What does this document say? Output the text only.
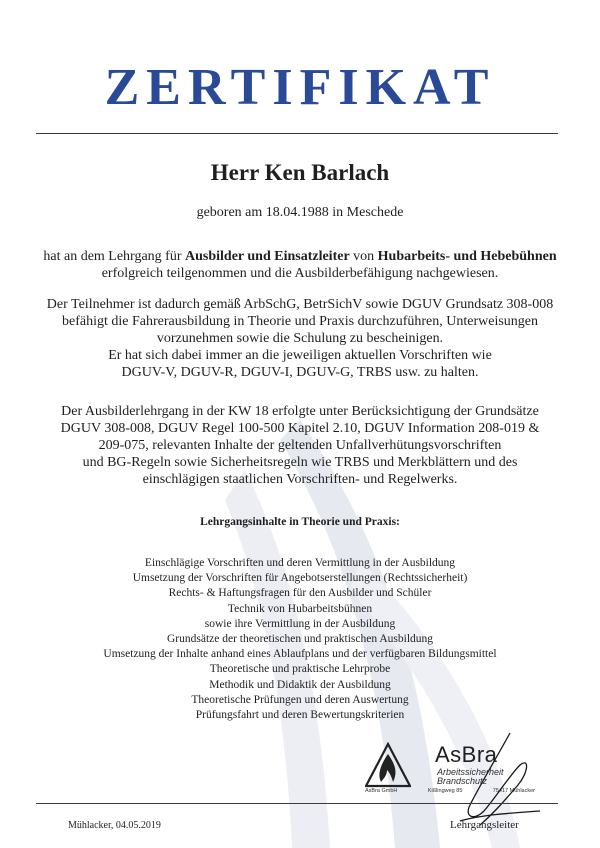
ZERTIFIKAT
Herr Ken Barlach
geboren am 18.04.1988 in Meschede
hat an dem Lehrgang für Ausbilder und Einsatzleiter von Hubarbeits- und Hebebühnen
erfolgreich teilgenommen und die Ausbilderbefähigung nachgewiesen.
Der Teilnehmer ist dadurch gemäß ArbSchG, BetrSichV sowie DGUV Grundsatz 308-008
befähigt die Fahrerausbildung in Theorie und Praxis durchzuführen, Unterweisungen
vorzunehmen sowie die Schulung zu bescheinigen.
Er hat sich dabei immer an die jeweiligen aktuellen Vorschriften wie
DGUV-V, DGUV-R, DGUV-I, DGUV-G, TRBS usw. zu halten.
Der Ausbilderlehrgang in der KW 18 erfolgte unter Berücksichtigung der Grundsätze
DGUV 308-008, DGUV Regel 100-500 Kapitel 2.10, DGUV Information 208-019 &
209-075, relevanten Inhalte der geltenden Unfallverhütungsvorschriften
und BG-Regeln sowie Sicherheitsregeln wie TRBS und Merkblättern und des
einschlägigen staatlichen Vorschriften- und Regelwerks.
Lehrgangsinhalte in Theorie und Praxis:
Einschlägige Vorschriften und deren Vermittlung in der Ausbildung
Umsetzung der Vorschriften für Angebotserstellungen (Rechtssicherheit)
Rechts- & Haftungsfragen für den Ausbilder und Schüler
Technik von Hubarbeitsbühnen
sowie ihre Vermittlung in der Ausbildung
Grundsätze der theoretischen und praktischen Ausbildung
Umsetzung der Inhalte anhand eines Ablaufplans und der verfügbaren Bildungsmittel
Theoretische und praktische Lehrprobe
Methodik und Didaktik der Ausbildung
Theoretische Prüfungen und deren Auswertung
Prüfungsfahrt und deren Bewertungskriterien
AsBra
Arbeitssicherheit
Brandschutz
AsBra GmbH	Kißlingweg 85	75417 Mühlacker
Mühlacker, 04.05.2019	Lehrgangsleiter
